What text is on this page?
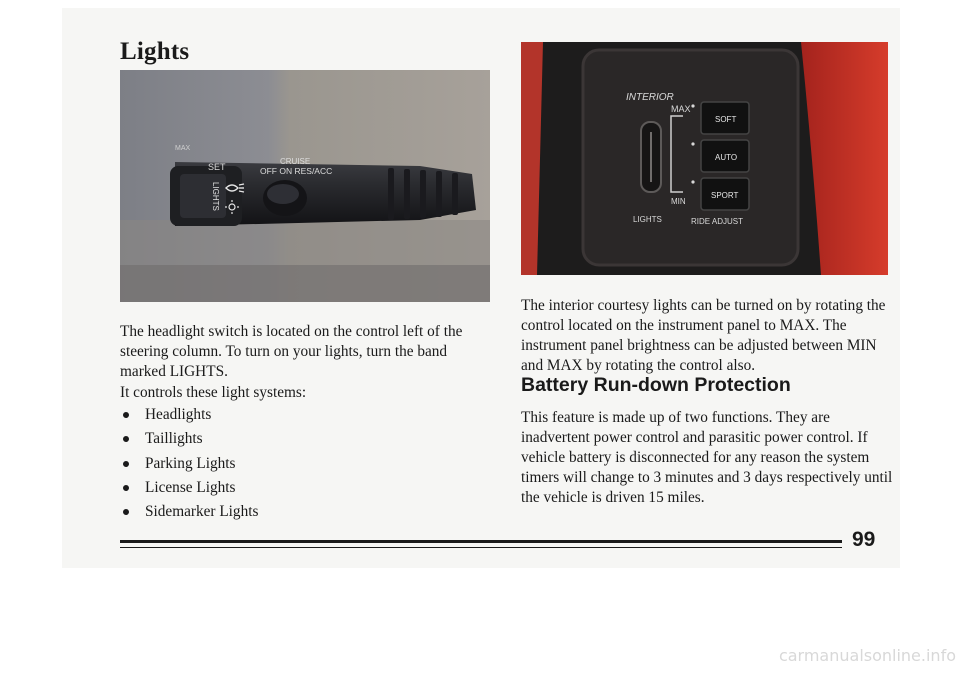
Lights
SET
CRUISE
OFF ON RES/ACC
MAX
LIGHTS
INTERIOR
MAX
MIN
LIGHTS	RIDE ADJUST
SOFT
AUTO
SPORT

The headlight switch is located on the control left of the steering column. To turn on your lights, turn the band marked LIGHTS.

It controls these light systems:

Headlights
Taillights
Parking Lights
License Lights
Sidemarker Lights

The interior courtesy lights can be turned on by rotating the control located on the instrument panel to MAX. The instrument panel brightness can be adjusted between MIN and MAX by rotating the control also.

Battery Run-down Protection

This feature is made up of two functions. They are inadvertent power control and parasitic power control. If vehicle battery is disconnected for any reason the system timers will change to 3 minutes and 3 days respectively until the vehicle is driven 15 miles.

99

carmanualsonline.info
